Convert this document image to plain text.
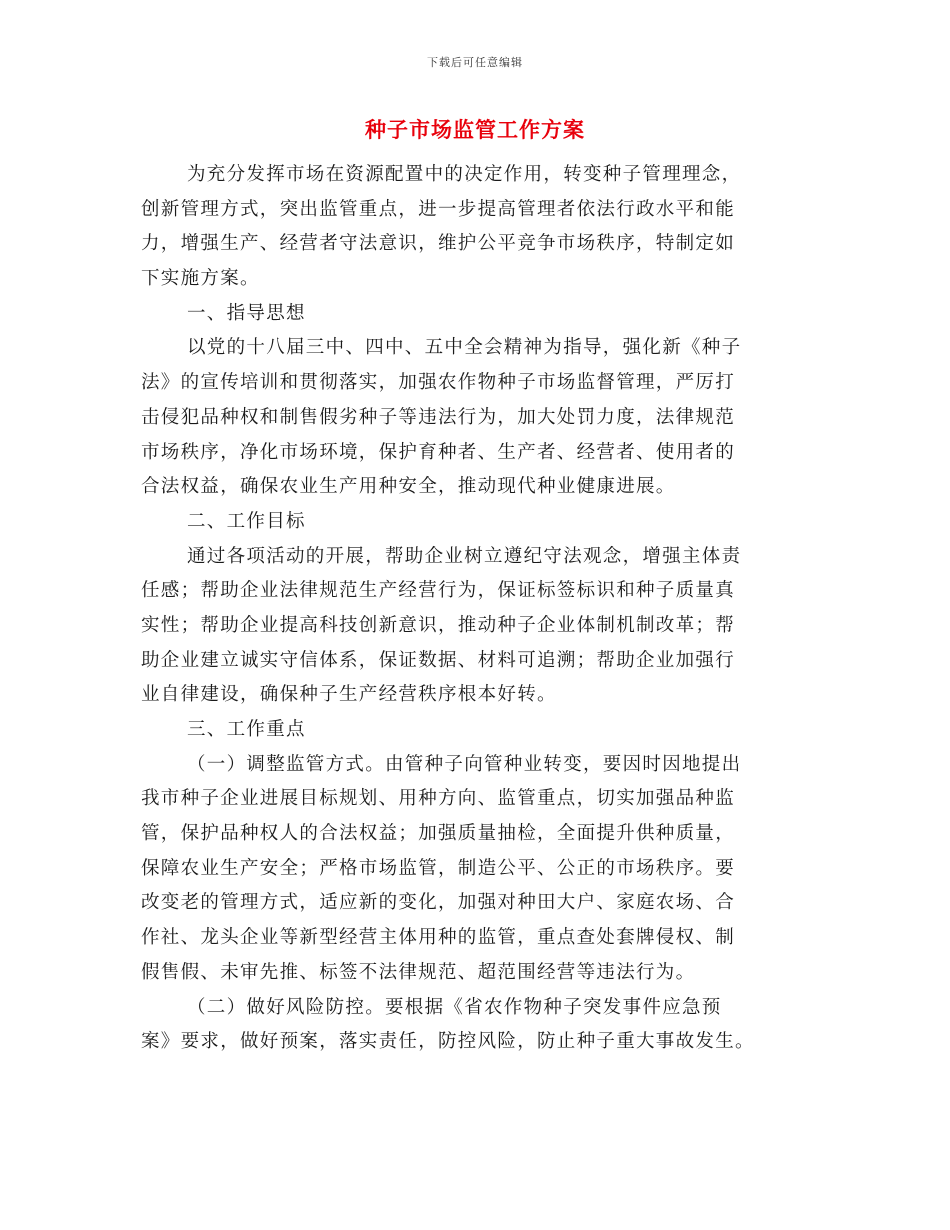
下载后可任意编辑
种子市场监管工作方案
为充分发挥市场在资源配置中的决定作用，转变种子管理理念，
创新管理方式，突出监管重点，进一步提高管理者依法行政水平和能
力，增强生产、经营者守法意识，维护公平竞争市场秩序，特制定如
下实施方案。
一、指导思想
以党的十八届三中、四中、五中全会精神为指导，强化新《种子
法》的宣传培训和贯彻落实，加强农作物种子市场监督管理，严厉打
击侵犯品种权和制售假劣种子等违法行为，加大处罚力度，法律规范
市场秩序，净化市场环境，保护育种者、生产者、经营者、使用者的
合法权益，确保农业生产用种安全，推动现代种业健康进展。
二、工作目标
通过各项活动的开展，帮助企业树立遵纪守法观念，增强主体责
任感；帮助企业法律规范生产经营行为，保证标签标识和种子质量真
实性；帮助企业提高科技创新意识，推动种子企业体制机制改革；帮
助企业建立诚实守信体系，保证数据、材料可追溯；帮助企业加强行
业自律建设，确保种子生产经营秩序根本好转。
三、工作重点
（一）调整监管方式。由管种子向管种业转变，要因时因地提出
我市种子企业进展目标规划、用种方向、监管重点，切实加强品种监
管，保护品种权人的合法权益；加强质量抽检，全面提升供种质量，
保障农业生产安全；严格市场监管，制造公平、公正的市场秩序。要
改变老的管理方式，适应新的变化，加强对种田大户、家庭农场、合
作社、龙头企业等新型经营主体用种的监管，重点查处套牌侵权、制
假售假、未审先推、标签不法律规范、超范围经营等违法行为。
（二）做好风险防控。要根据《省农作物种子突发事件应急预
案》要求，做好预案，落实责任，防控风险，防止种子重大事故发生。
